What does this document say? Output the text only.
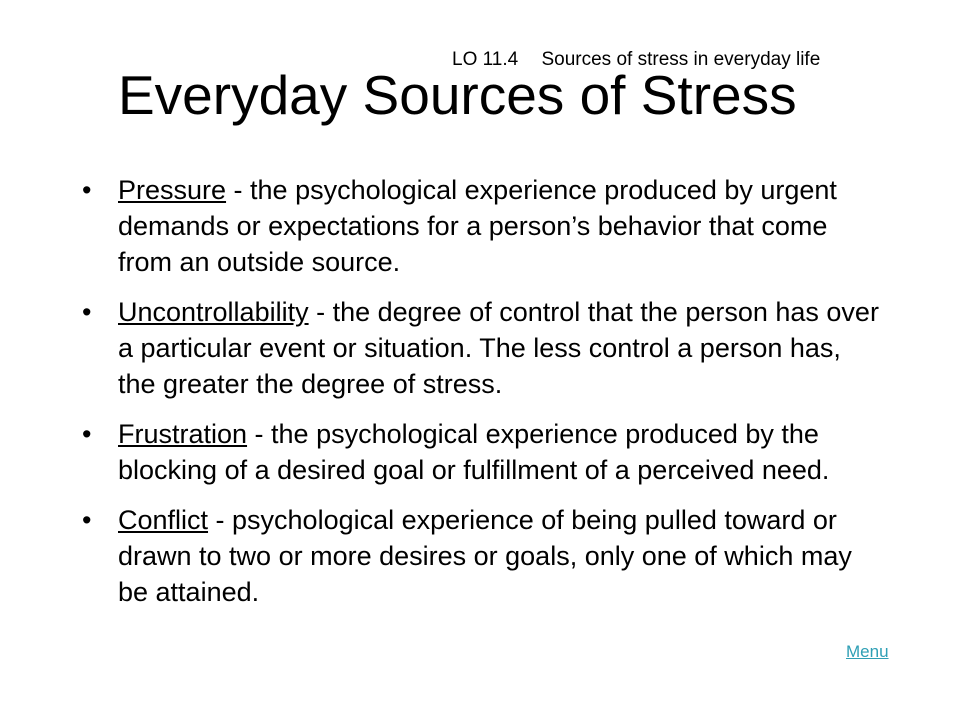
LO 11.4 Sources of stress in everyday life
Everyday Sources of Stress
• Pressure - the psychological experience produced by urgent demands or expectations for a person’s behavior that come from an outside source.
• Uncontrollability - the degree of control that the person has over a particular event or situation. The less control a person has, the greater the degree of stress.
• Frustration - the psychological experience produced by the blocking of a desired goal or fulfillment of a perceived need.
• Conflict - psychological experience of being pulled toward or drawn to two or more desires or goals, only one of which may be attained.
Menu
